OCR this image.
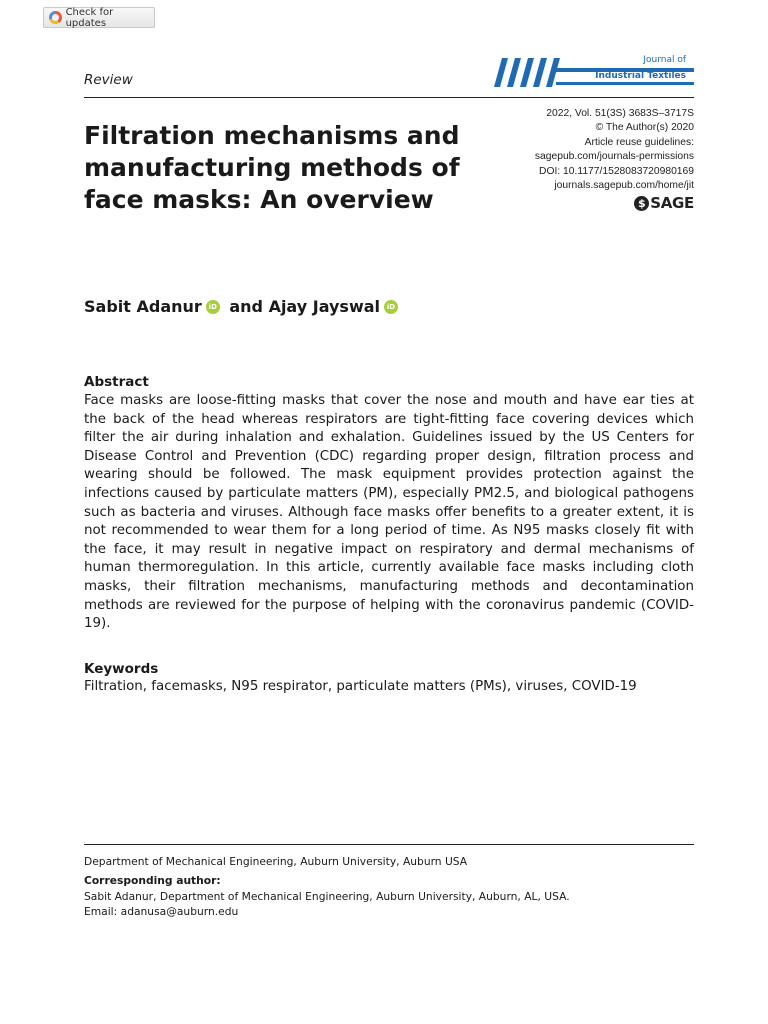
Check for updates
Review
Journal of
Industrial Textiles
2022, Vol. 51(3S) 3683S–3717S
© The Author(s) 2020
Article reuse guidelines:
sagepub.com/journals-permissions
DOI: 10.1177/1528083720980169
journals.sagepub.com/home/jit
$ SAGE
Filtration mechanisms and manufacturing methods of face masks: An overview
Sabit Adanur iD and Ajay Jayswal iD
Abstract
Face masks are loose-fitting masks that cover the nose and mouth and have ear ties at the back of the head whereas respirators are tight-fitting face covering devices which filter the air during inhalation and exhalation. Guidelines issued by the US Centers for Disease Control and Prevention (CDC) regarding proper design, filtration process and wearing should be followed. The mask equipment provides protection against the infections caused by particulate matters (PM), especially PM2.5, and biological pathogens such as bacteria and viruses. Although face masks offer benefits to a greater extent, it is not recommended to wear them for a long period of time. As N95 masks closely fit with the face, it may result in negative impact on respiratory and dermal mechanisms of human thermoregulation. In this article, currently available face masks including cloth masks, their filtration mechanisms, manufacturing methods and decontamination methods are reviewed for the purpose of helping with the coronavirus pandemic (COVID-19).
Keywords
Filtration, facemasks, N95 respirator, particulate matters (PMs), viruses, COVID-19
Department of Mechanical Engineering, Auburn University, Auburn USA
Corresponding author:
Sabit Adanur, Department of Mechanical Engineering, Auburn University, Auburn, AL, USA.
Email: adanusa@auburn.edu
